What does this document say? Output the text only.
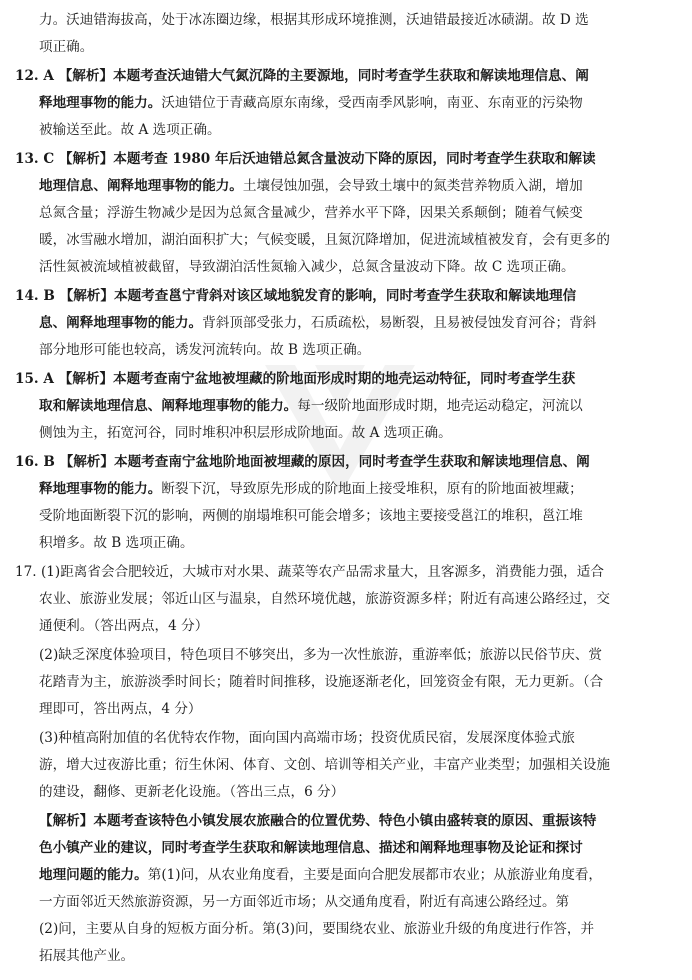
力。沃迪错海拔高，处于冰冻圈边缘，根据其形成环境推测，沃迪错最接近冰碛湖。故 D 选
项正确。
12. A 【解析】本题考查沃迪错大气氮沉降的主要源地，同时考查学生获取和解读地理信息、阐
释地理事物的能力。沃迪错位于青藏高原东南缘，受西南季风影响，南亚、东南亚的污染物
被输送至此。故 A 选项正确。
13. C 【解析】本题考查 1980 年后沃迪错总氮含量波动下降的原因，同时考查学生获取和解读
地理信息、阐释地理事物的能力。土壤侵蚀加强，会导致土壤中的氮类营养物质入湖，增加
总氮含量；浮游生物减少是因为总氮含量减少，营养水平下降，因果关系颠倒；随着气候变
暖，冰雪融水增加，湖泊面积扩大；气候变暖，且氮沉降增加，促进流域植被发育，会有更多的
活性氮被流域植被截留，导致湖泊活性氮输入减少，总氮含量波动下降。故 C 选项正确。
14. B 【解析】本题考查邕宁背斜对该区域地貌发育的影响，同时考查学生获取和解读地理信
息、阐释地理事物的能力。背斜顶部受张力，石质疏松，易断裂，且易被侵蚀发育河谷；背斜
部分地形可能也较高，诱发河流转向。故 B 选项正确。
15. A 【解析】本题考查南宁盆地被埋藏的阶地面形成时期的地壳运动特征，同时考查学生获
取和解读地理信息、阐释地理事物的能力。每一级阶地面形成时期，地壳运动稳定，河流以
侧蚀为主，拓宽河谷，同时堆积冲积层形成阶地面。故 A 选项正确。
16. B 【解析】本题考查南宁盆地阶地面被埋藏的原因，同时考查学生获取和解读地理信息、阐
释地理事物的能力。断裂下沉，导致原先形成的阶地面上接受堆积，原有的阶地面被埋藏；
受阶地面断裂下沉的影响，两侧的崩塌堆积可能会增多；该地主要接受邕江的堆积，邕江堆
积增多。故 B 选项正确。
17. (1)距离省会合肥较近，大城市对水果、蔬菜等农产品需求量大，且客源多，消费能力强，适合
农业、旅游业发展；邻近山区与温泉，自然环境优越，旅游资源多样；附近有高速公路经过，交
通便利。（答出两点，4 分）
(2)缺乏深度体验项目，特色项目不够突出，多为一次性旅游，重游率低；旅游以民俗节庆、赏
花踏青为主，旅游淡季时间长；随着时间推移，设施逐渐老化，回笼资金有限，无力更新。（合
理即可，答出两点，4 分）
(3)种植高附加值的名优特农作物，面向国内高端市场；投资优质民宿，发展深度体验式旅
游，增大过夜游比重；衍生休闲、体育、文创、培训等相关产业，丰富产业类型；加强相关设施
的建设，翻修、更新老化设施。（答出三点，6 分）
【解析】本题考查该特色小镇发展农旅融合的位置优势、特色小镇由盛转衰的原因、重振该特
色小镇产业的建议，同时考查学生获取和解读地理信息、描述和阐释地理事物及论证和探讨
地理问题的能力。第(1)问，从农业角度看，主要是面向合肥发展都市农业；从旅游业角度看，
一方面邻近天然旅游资源，另一方面邻近市场；从交通角度看，附近有高速公路经过。第
(2)问，主要从自身的短板方面分析。第(3)问，要围绕农业、旅游业升级的角度进行作答，并
拓展其他产业。
